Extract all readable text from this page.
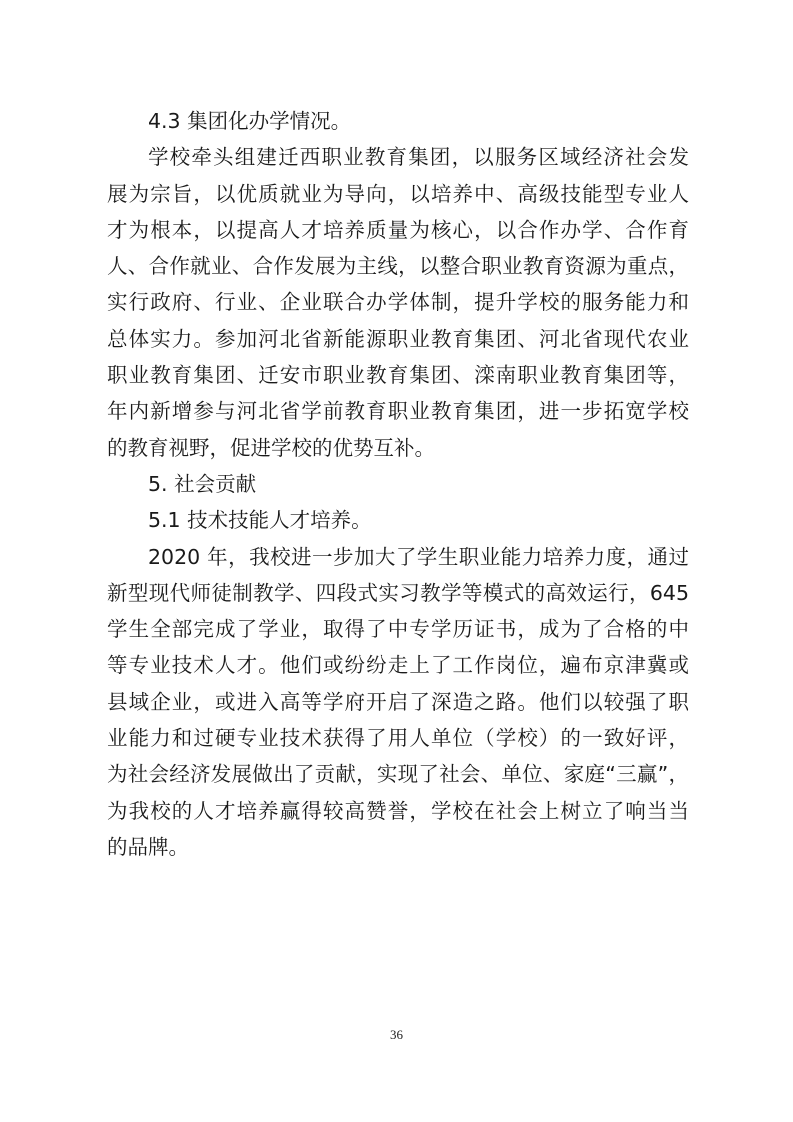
4.3 集团化办学情况。
学校牵头组建迁西职业教育集团，以服务区域经济社会发
展为宗旨，以优质就业为导向，以培养中、高级技能型专业人
才为根本，以提高人才培养质量为核心，以合作办学、合作育
人、合作就业、合作发展为主线，以整合职业教育资源为重点，
实行政府、行业、企业联合办学体制，提升学校的服务能力和
总体实力。参加河北省新能源职业教育集团、河北省现代农业
职业教育集团、迁安市职业教育集团、滦南职业教育集团等，
年内新增参与河北省学前教育职业教育集团，进一步拓宽学校
的教育视野，促进学校的优势互补。
5. 社会贡献
5.1 技术技能人才培养。
2020 年，我校进一步加大了学生职业能力培养力度，通过
新型现代师徒制教学、四段式实习教学等模式的高效运行，645
学生全部完成了学业，取得了中专学历证书，成为了合格的中
等专业技术人才。他们或纷纷走上了工作岗位，遍布京津冀或
县域企业，或进入高等学府开启了深造之路。他们以较强了职
业能力和过硬专业技术获得了用人单位（学校）的一致好评，
为社会经济发展做出了贡献，实现了社会、单位、家庭“三赢”，
为我校的人才培养赢得较高赞誉，学校在社会上树立了响当当
的品牌。
36
